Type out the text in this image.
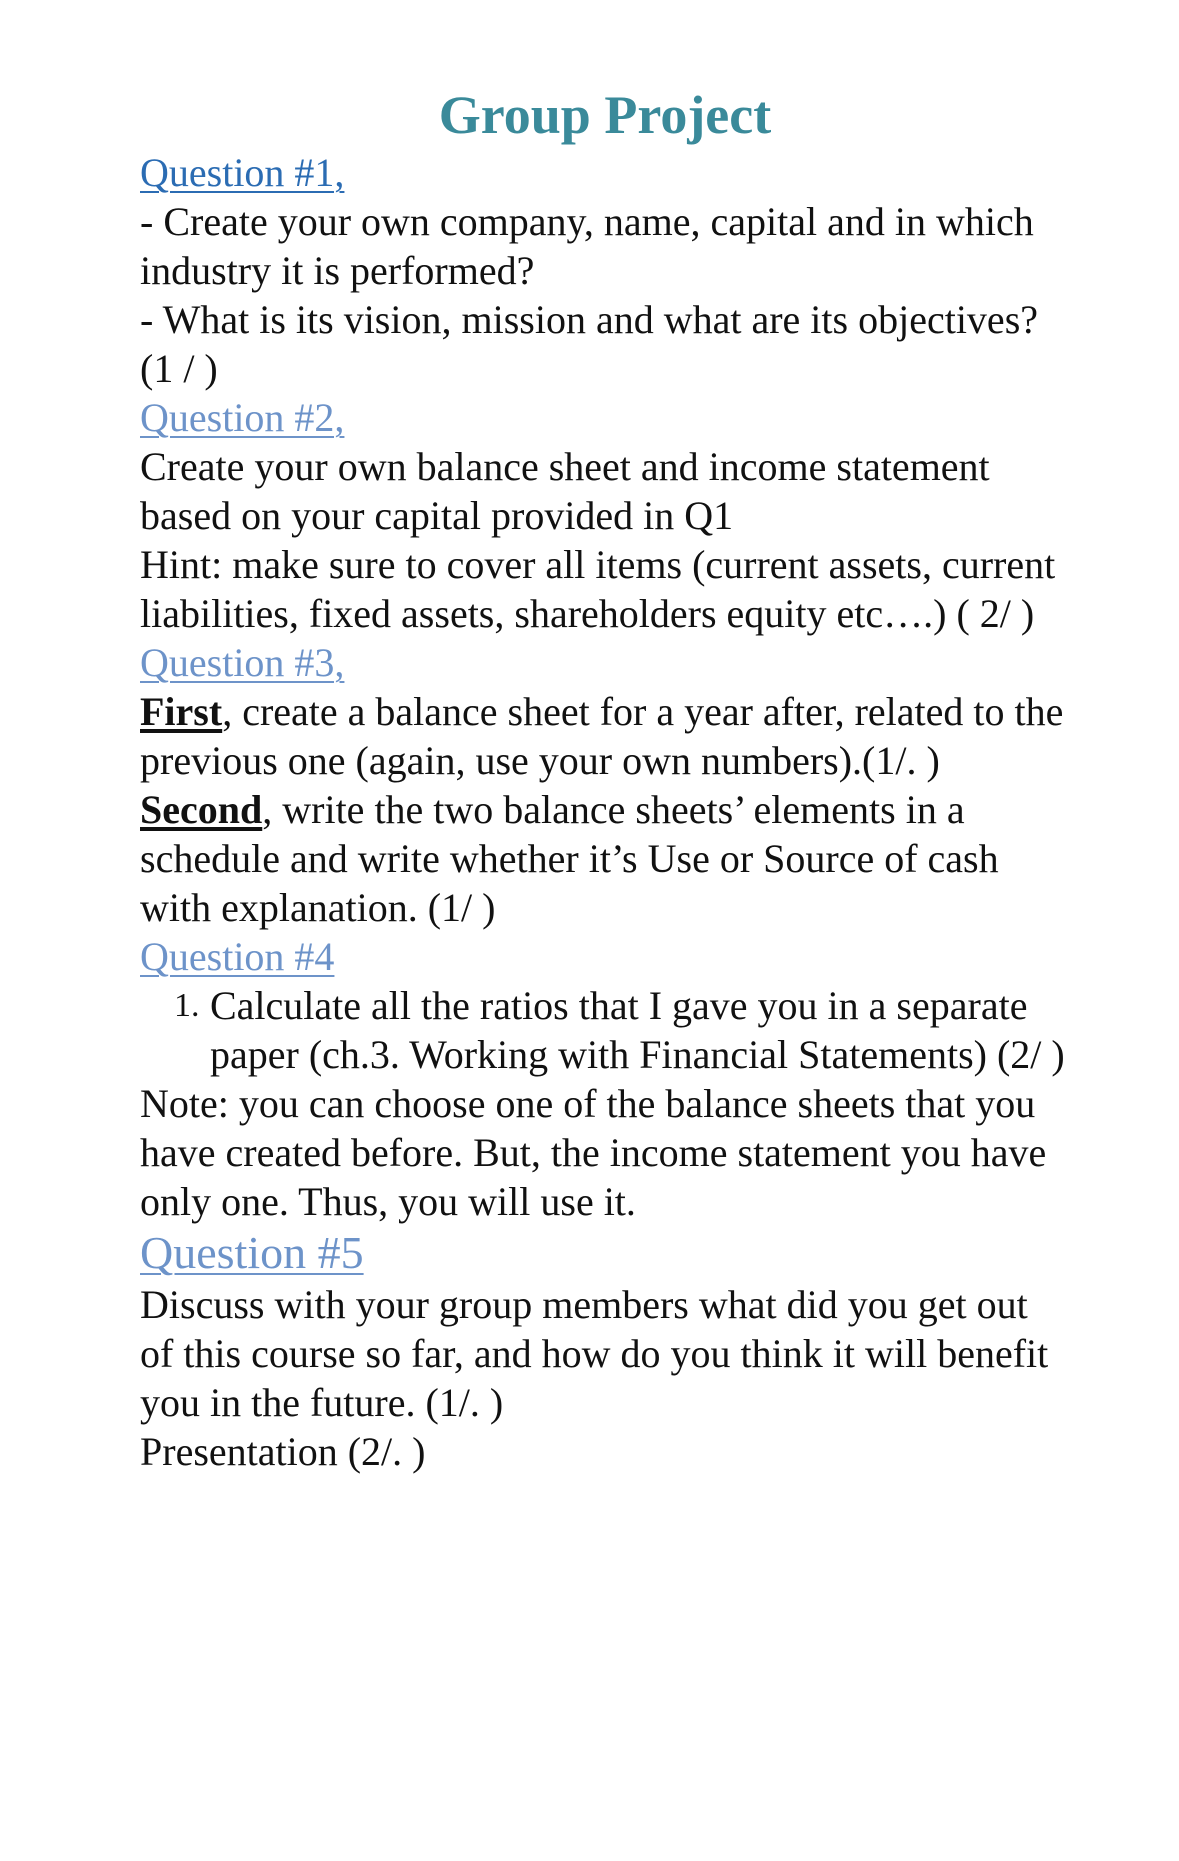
Group Project
Question #1,

- Create your own company, name, capital and in which industry it is performed?

- What is its vision, mission and what are its objectives? (1 / )

Question #2,

Create your own balance sheet and income statement based on your capital provided in Q1

Hint: make sure to cover all items (current assets, current liabilities, fixed assets, shareholders equity etc….) ( 2/ )

Question #3,

First, create a balance sheet for a year after, related to the previous one (again, use your own numbers).(1/. )

Second, write the two balance sheets’ elements in a schedule and write whether it’s Use or Source of cash with explanation. (1/ )

Question #4
1. Calculate all the ratios that I gave you in a separate paper (ch.3. Working with Financial Statements) (2/ )

Note: you can choose one of the balance sheets that you have created before. But, the income statement you have only one. Thus, you will use it.

Question #5

Discuss with your group members what did you get out of this course so far, and how do you think it will benefit you in the future. (1/. )

Presentation (2/. )
